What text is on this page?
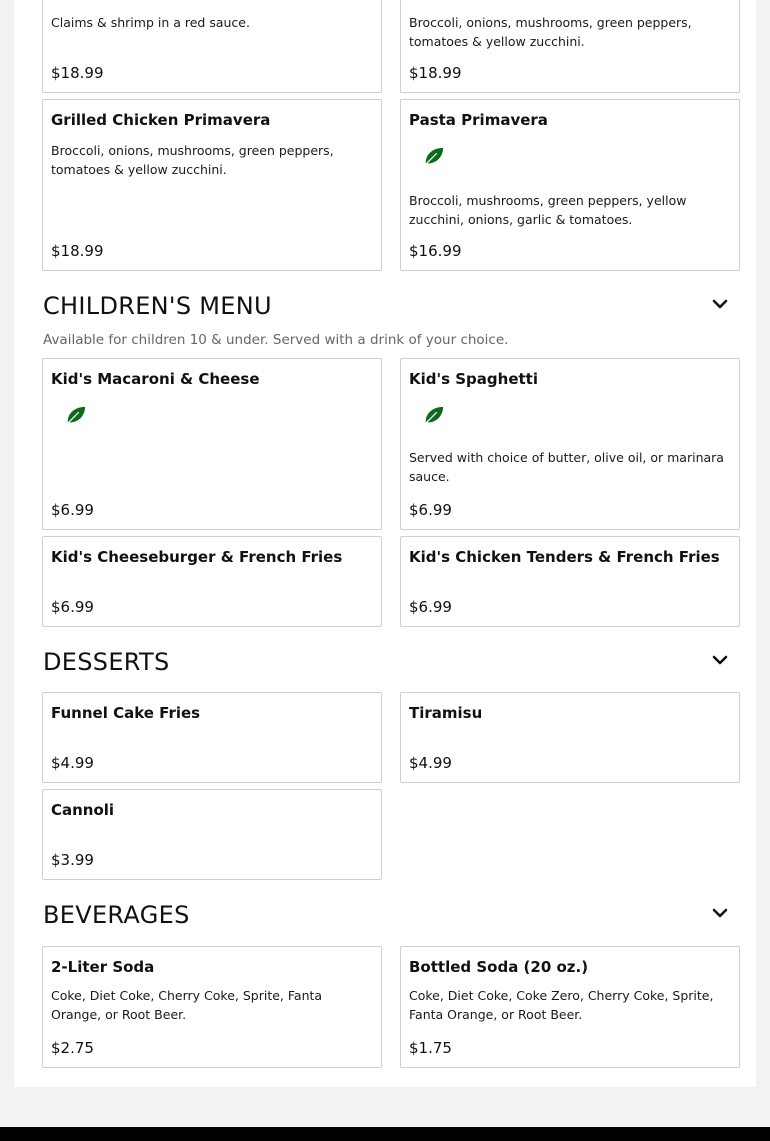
Claims & shrimp in a red sauce.
$18.99
Broccoli, onions, mushrooms, green peppers, tomatoes & yellow zucchini.
$18.99
Grilled Chicken Primavera
Broccoli, onions, mushrooms, green peppers, tomatoes & yellow zucchini.
$18.99
Pasta Primavera
Broccoli, mushrooms, green peppers, yellow zucchini, onions, garlic & tomatoes.
$16.99
CHILDREN'S MENU
Available for children 10 & under. Served with a drink of your choice.
Kid's Macaroni & Cheese
$6.99
Kid's Spaghetti
Served with choice of butter, olive oil, or marinara sauce.
$6.99
Kid's Cheeseburger & French Fries
$6.99
Kid's Chicken Tenders & French Fries
$6.99
DESSERTS
Funnel Cake Fries
$4.99
Tiramisu
$4.99
Cannoli
$3.99
BEVERAGES
2-Liter Soda
Coke, Diet Coke, Cherry Coke, Sprite, Fanta Orange, or Root Beer.
$2.75
Bottled Soda (20 oz.)
Coke, Diet Coke, Coke Zero, Cherry Coke, Sprite, Fanta Orange, or Root Beer.
$1.75
